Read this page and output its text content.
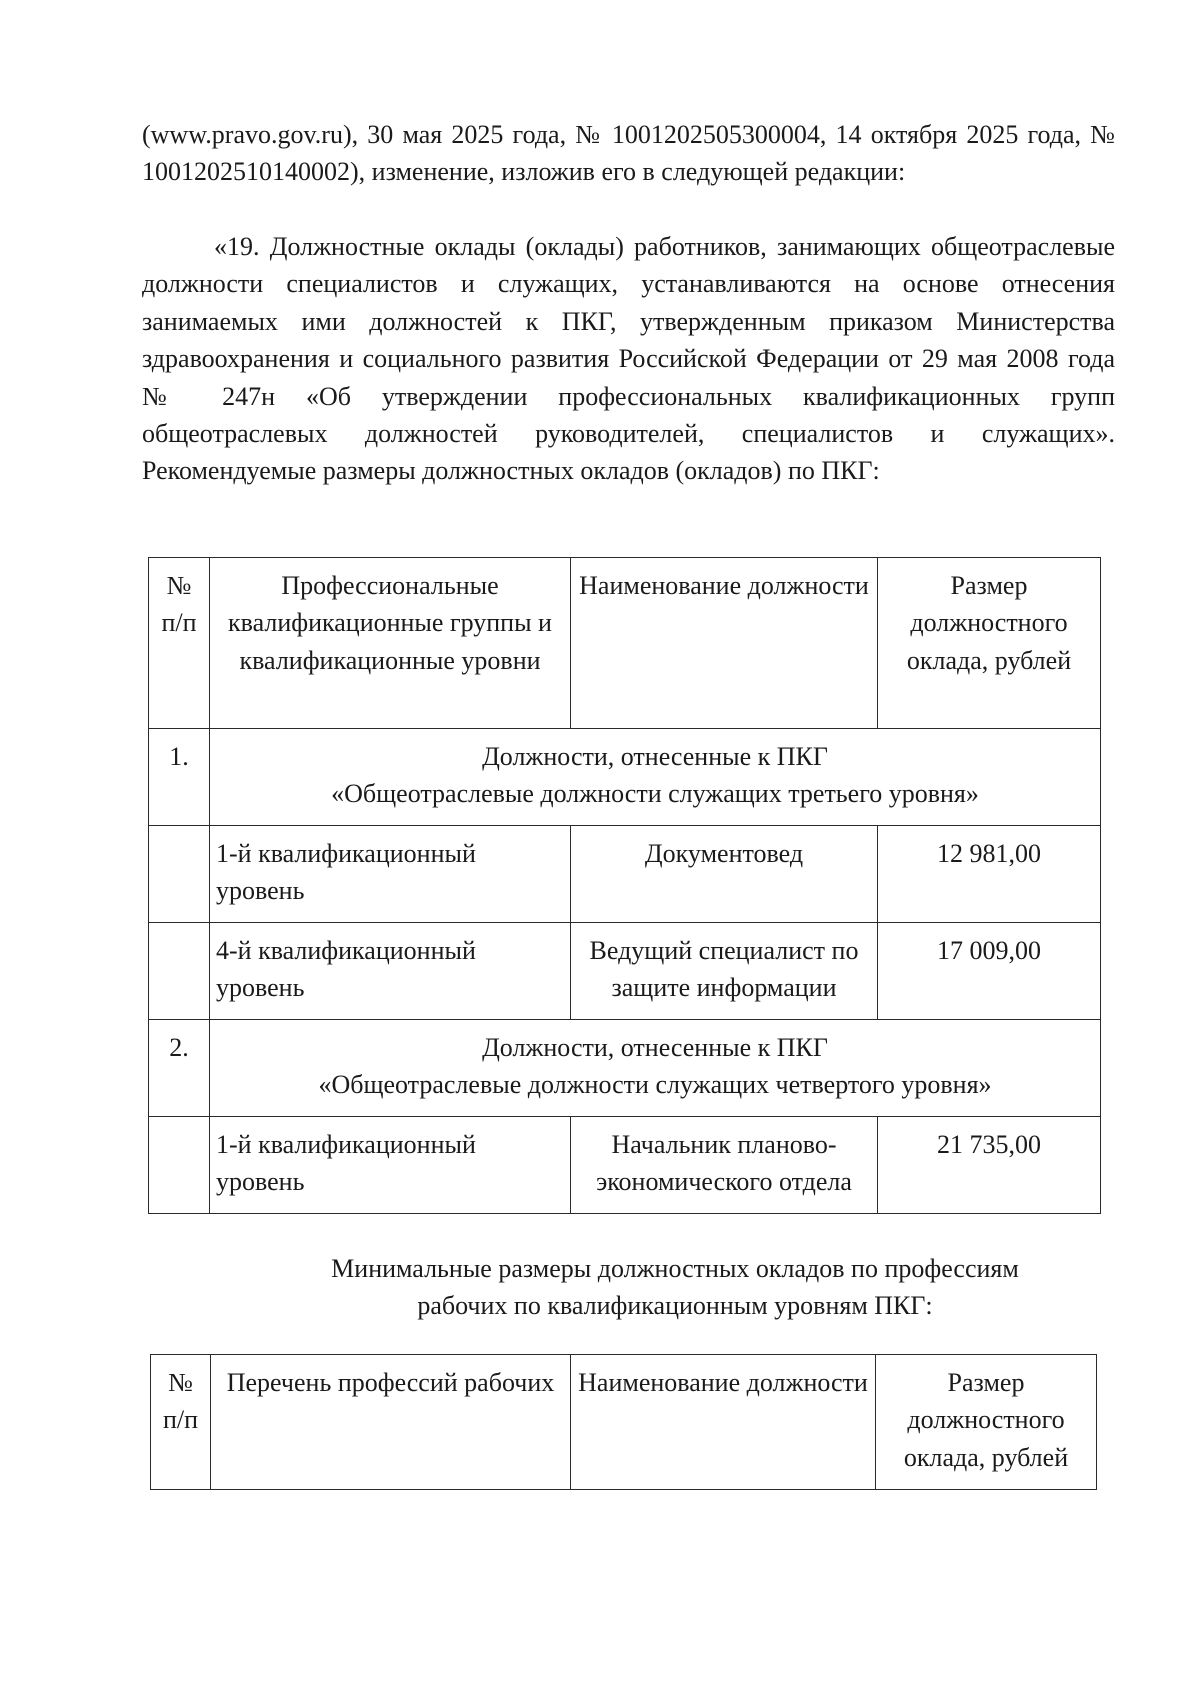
(www.pravo.gov.ru), 30 мая 2025 года, № 1001202505300004, 14 октября 2025 года, № 1001202510140002), изменение, изложив его в следующей редакции:

«19. Должностные оклады (оклады) работников, занимающих общеотраслевые должности специалистов и служащих, устанавливаются на основе отнесения занимаемых ими должностей к ПКГ, утвержденным приказом Министерства здравоохранения и социального развития Российской Федерации от 29 мая 2008 года № 247н «Об утверждении профессиональных квалификационных групп общеотраслевых должностей руководителей, специалистов и служащих». Рекомендуемые размеры должностных окладов (окладов) по ПКГ:

№ п/п	Профессиональные квалификационные группы и квалификационные уровни	Наименование должности	Размер должностного оклада, рублей
1.	Должности, отнесенные к ПКГ
«Общеотраслевые должности служащих третьего уровня»		

	1-й квалификационный уровень	Документовед	12 981,00
	4-й квалификационный уровень	Ведущий специалист по защите информации	17 009,00
2.	Должности, отнесенные к ПКГ
«Общеотраслевые должности служащих четвертого уровня»		

	1-й квалификационный уровень	Начальник планово-экономического отдела	21 735,00
Минимальные размеры должностных окладов по профессиям
рабочих по квалификационным уровням ПКГ:
№ п/п	Перечень профессий рабочих	Наименование должности	Размер должностного оклада, рублей
